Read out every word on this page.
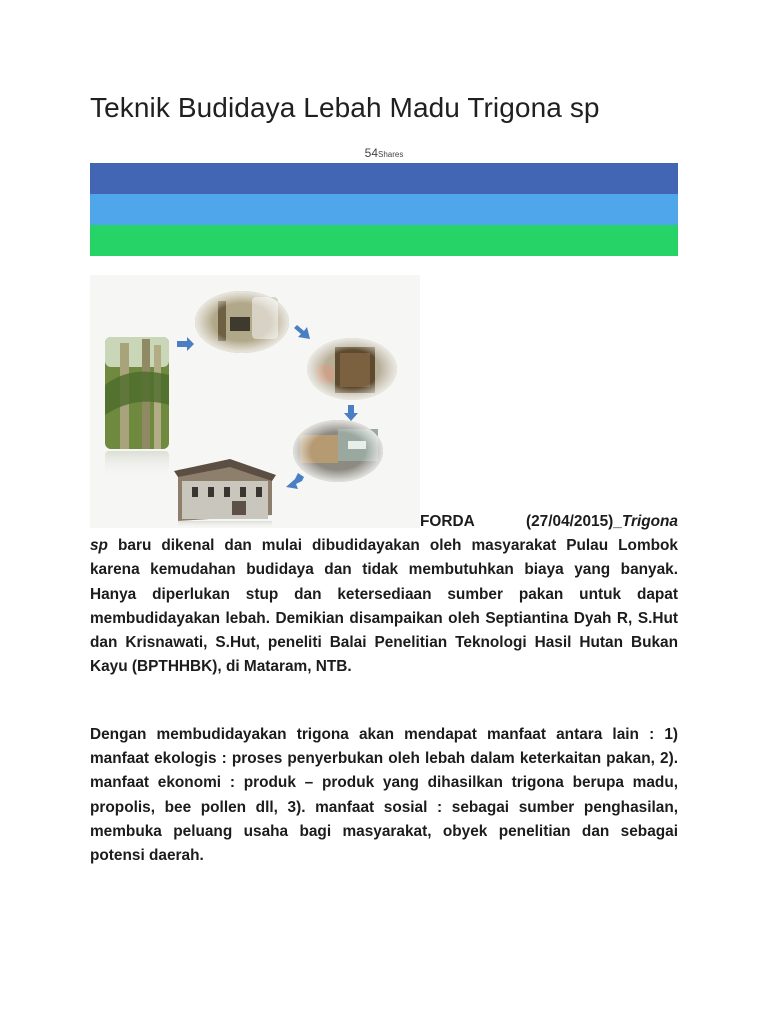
Teknik Budidaya Lebah Madu Trigona sp
54Shares

FORDA (27/04/2015)_Trigona
sp baru dikenal dan mulai dibudidayakan oleh masyarakat Pulau Lombok karena kemudahan budidaya dan tidak membutuhkan biaya yang banyak. Hanya diperlukan stup dan ketersediaan sumber pakan untuk dapat membudidayakan lebah. Demikian disampaikan oleh Septiantina Dyah R, S.Hut dan Krisnawati, S.Hut, peneliti Balai Penelitian Teknologi Hasil Hutan Bukan Kayu (BPTHHBK), di Mataram, NTB.

Dengan membudidayakan trigona akan mendapat manfaat antara lain : 1) manfaat ekologis : proses penyerbukan oleh lebah dalam keterkaitan pakan, 2). manfaat ekonomi : produk – produk yang dihasilkan trigona berupa madu, propolis, bee pollen dll, 3). manfaat sosial : sebagai sumber penghasilan, membuka peluang usaha bagi masyarakat, obyek penelitian dan sebagai potensi daerah.
